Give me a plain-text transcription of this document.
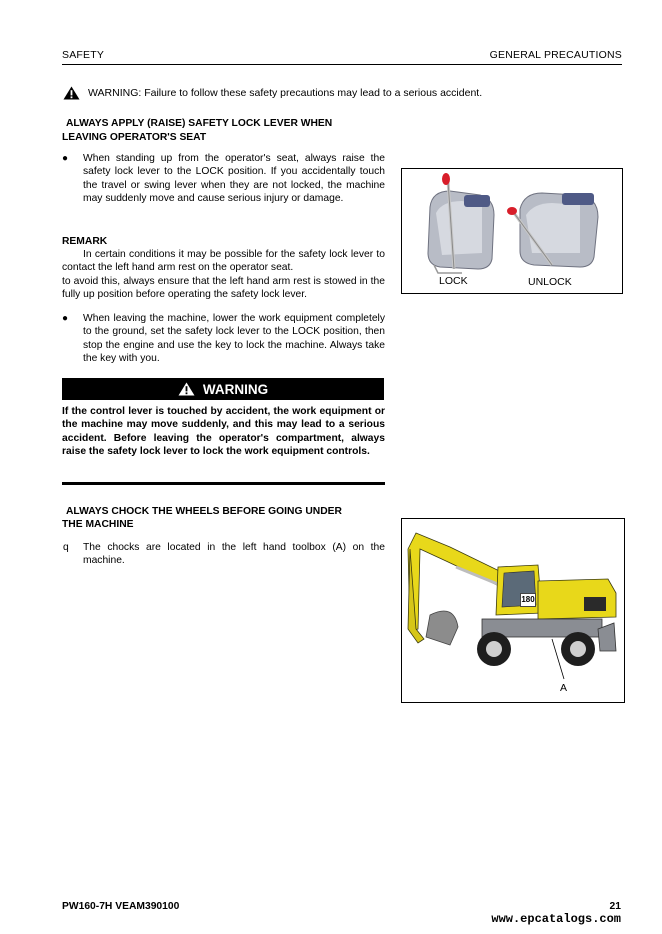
SAFETY	GENERAL PRECAUTIONS
WARNING: Failure to follow these safety precautions may lead to a serious accident.
ALWAYS APPLY (RAISE) SAFETY LOCK LEVER WHEN
LEAVING OPERATOR'S SEAT
● When standing up from the operator's seat, always raise the safety lock lever to the LOCK position. If you accidentally touch the travel or swing lever when they are not locked, the machine may suddenly move and cause serious injury or damage.
REMARK
In certain conditions it may be possible for the safety lock lever to contact the left hand arm rest on the operator seat.
to avoid this, always ensure that the left hand arm rest is stowed in the fully up position before operating the safety lock lever.
● When leaving the machine, lower the work equipment completely to the ground, set the safety lock lever to the LOCK position, then stop the engine and use the key to lock the machine. Always take the key with you.
WARNING
If the control lever is touched by accident, the work equipment or the machine may move suddenly, and this may lead to a serious accident. Before leaving the operator's compartment, always raise the safety lock lever to lock the work equipment controls.
LOCK	UNLOCK
ALWAYS CHOCK THE WHEELS BEFORE GOING UNDER
THE MACHINE
q The chocks are located in the left hand toolbox (A) on the machine.
180
A
PW160-7H VEAM390100	21
www.epcatalogs.com
